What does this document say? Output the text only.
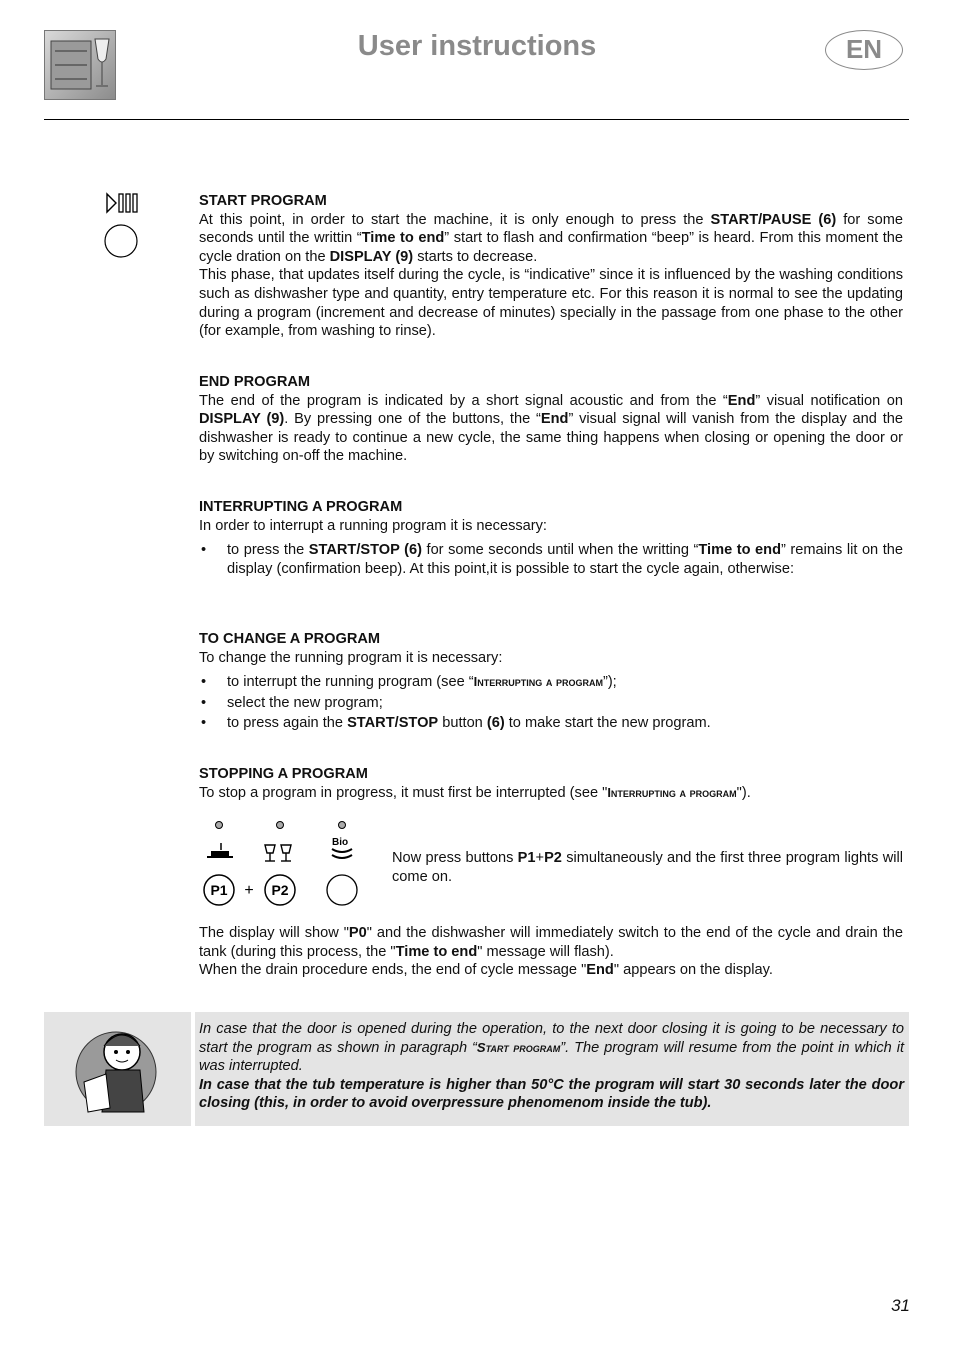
User instructions	EN
START PROGRAM

At this point, in order to start the machine, it is only enough to press the START/PAUSE (6) for some seconds until the writtin “Time to end” start to flash and confirmation “beep” is heard. From this moment the cycle dration on the DISPLAY (9) starts to decrease.

This phase, that updates itself during the cycle, is “indicative” since it is influenced by the washing conditions such as dishwasher type and quantity, entry temperature etc. For this reason it is normal to see the updating during a program (increment and decrease of minutes) specially in the passage from one phase to the other (for example, from washing to rinse).

END PROGRAM

The end of the program is indicated by a short signal acoustic and from the “End” visual notification on DISPLAY (9). By pressing one of the buttons, the “End” visual signal will vanish from the display and the dishwasher is ready to continue a new cycle, the same thing happens when closing or opening the door or by switching on-off the machine.

INTERRUPTING A PROGRAM

In order to interrupt a running program it is necessary:

• to press the START/STOP (6) for some seconds until when the writting “Time to end” remains lit on the display (confirmation beep). At this point,it is possible to start the cycle again, otherwise:
TO CHANGE A PROGRAM

To change the running program it is necessary:

• to interrupt the running program (see “Interrupting a program”);
• select the new program;
• to press again the START/STOP button (6) to make start the new program.
STOPPING A PROGRAM

To stop a program in progress, it must first be interrupted (see "Interrupting a program").

Bio
P1 + P2

Now press buttons P1+P2 simultaneously and the first three program lights will come on.

The display will show "P0" and the dishwasher will immediately switch to the end of the cycle and drain the tank (during this process, the "Time to end" message will flash).

When the drain procedure ends, the end of cycle message "End" appears on the display.

In case that the door is opened during the operation, to the next door closing it is going to be necessary to start the program as shown in paragraph “Start program”. The program will resume from the point in which it was interrupted.

In case that the tub temperature is higher than 50°C the program will start 30 seconds later the door closing (this, in order to avoid overpressure phenomenom inside the tub).

31
